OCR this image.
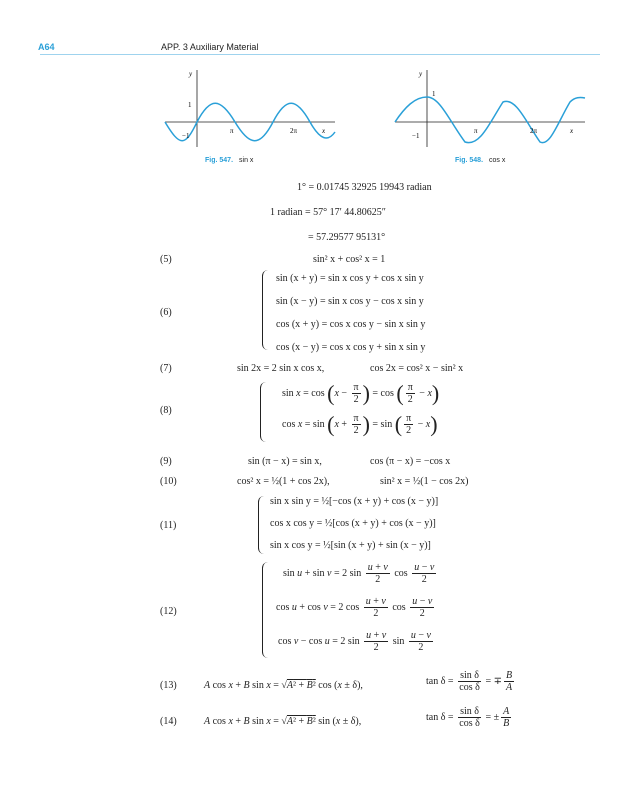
A64	APP. 3 Auxiliary Material
y
1
−1
π	2π	x
Fig. 547. sin x
y
1
−1
π	2π	x
Fig. 548. cos x
1° = 0.01745 32925 19943 radian
1 radian = 57° 17′ 44.80625″
= 57.29577 95131°
(5)	sin² x + cos² x = 1
(6)
sin (x + y) = sin x cos y + cos x sin y
sin (x − y) = sin x cos y − cos x sin y
cos (x + y) = cos x cos y − sin x sin y
cos (x − y) = cos x cos y + sin x sin y
(7)	sin 2x = 2 sin x cos x,	cos 2x = cos² x − sin² x
(8)
$\sin x = \cos (x - \frac{\pi}{2}$ ) = cos ( $\frac{\pi}{2} - x$)
$\cos x = \sin (x + \frac{\pi}{2}$ ) = sin ( $\frac{\pi}{2} - x$)
(9)	sin (π − x) = sin x,	cos (π − x) = −cos x
(10)	cos² x = ½(1 + cos 2x),	sin² x = ½(1 − cos 2x)
(11)
sin x sin y = ½[−cos (x + y) + cos (x − y)]
cos x cos y = ½[cos (x + y) + cos (x − y)]
sin x cos y = ½[sin (x + y) + sin (x − y)]
(12)
sin u + sin v = 2 $\sin \frac{u + v}{2}$ $\cos \frac{u - v}{2}$
cos u + cos v = 2 $\cos \frac{u + v}{2}$ $\cos \frac{u - v}{2}$
cos v − cos u = 2 $\sin \frac{u + v}{2}$ $\sin \frac{u - v}{2}$
(13)	A cos x + B sin x = √A² + B² cos (x ± δ),	$\tan \delta = \frac{\text{sin δ}}{\text{cos δ}}$ = ∓ $\frac{B}{A}$
(14)	A cos x + B sin x = √A² + B² sin (x ± δ),	$\tan \delta = \frac{\text{sin δ}}{\text{cos δ}}$ = ± $\frac{A}{B}$
